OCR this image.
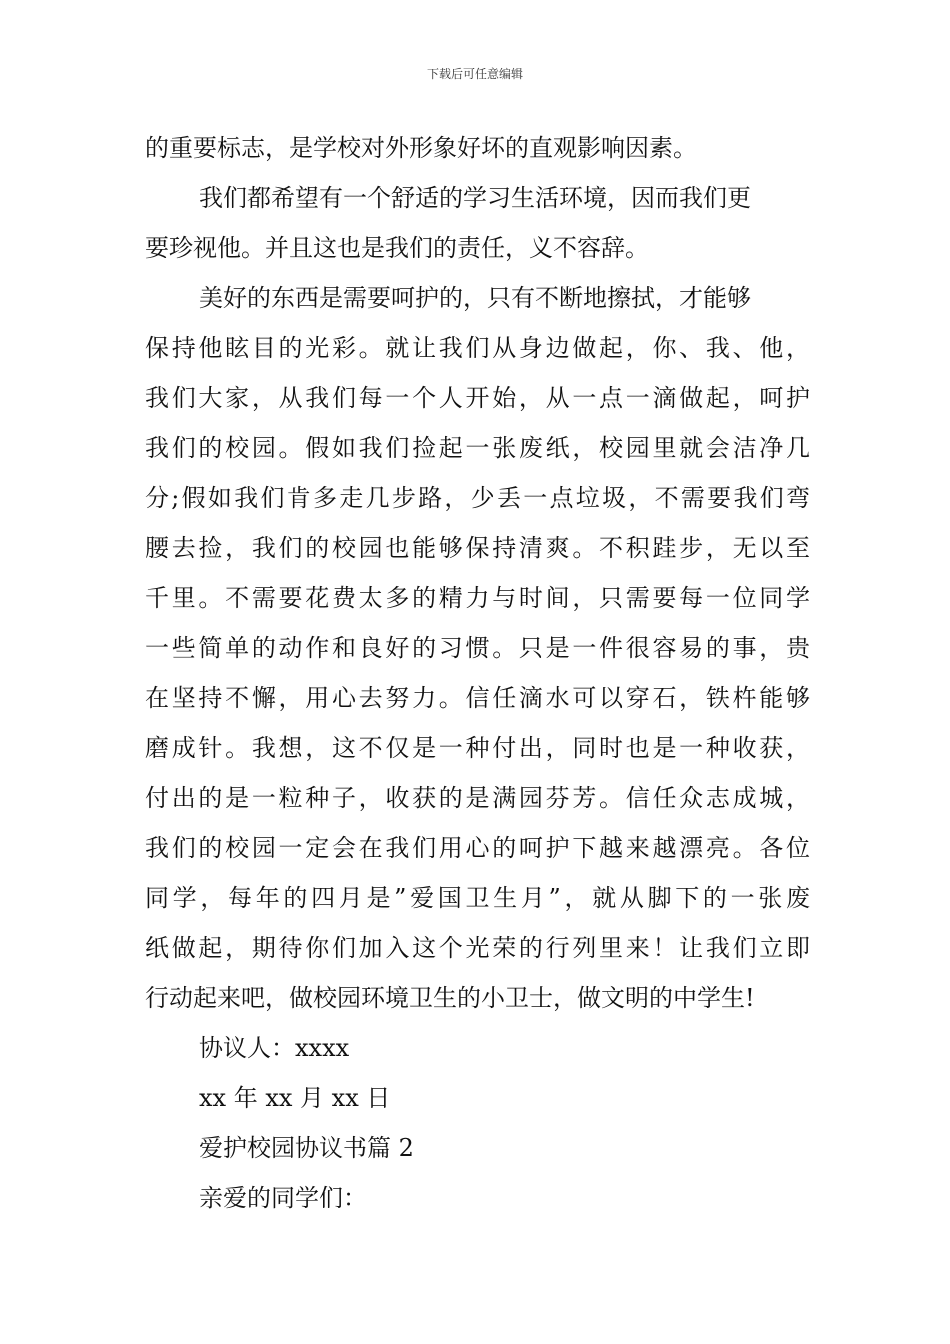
下载后可任意编辑
的重要标志，是学校对外形象好坏的直观影响因素。
我们都希望有一个舒适的学习生活环境，因而我们更
要珍视他。并且这也是我们的责任，义不容辞。
美好的东西是需要呵护的，只有不断地擦拭，才能够
保持他眩目的光彩。就让我们从身边做起，你、我、他，
我们大家，从我们每一个人开始，从一点一滴做起，呵护
我们的校园。假如我们捡起一张废纸，校园里就会洁净几
分;假如我们肯多走几步路，少丢一点垃圾，不需要我们弯
腰去捡，我们的校园也能够保持清爽。不积跬步，无以至
千里。不需要花费太多的精力与时间，只需要每一位同学
一些简单的动作和良好的习惯。只是一件很容易的事，贵
在坚持不懈，用心去努力。信任滴水可以穿石，铁杵能够
磨成针。我想，这不仅是一种付出，同时也是一种收获，
付出的是一粒种子，收获的是满园芬芳。信任众志成城，
我们的校园一定会在我们用心的呵护下越来越漂亮。各位
同学，每年的四月是”爱国卫生月”，就从脚下的一张废
纸做起，期待你们加入这个光荣的行列里来！让我们立即
行动起来吧，做校园环境卫生的小卫士，做文明的中学生!
协议人：xxxx
xx 年 xx 月 xx 日
爱护校园协议书篇 2
亲爱的同学们：
